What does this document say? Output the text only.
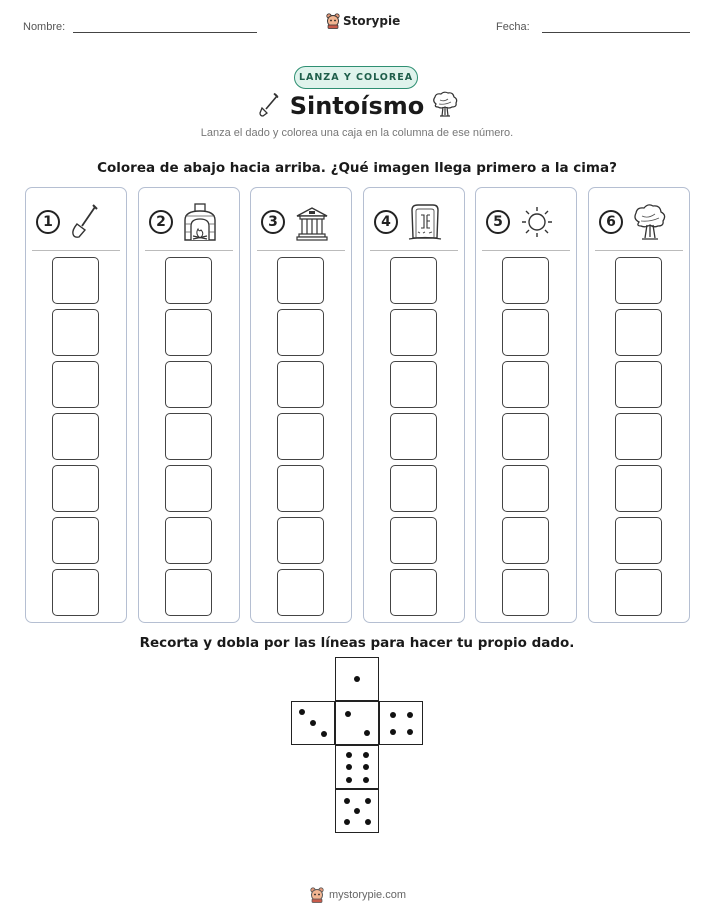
Nombre:	Storypie	Fecha:
LANZA Y COLOREA
Sintoísmo
Lanza el dado y colorea una caja en la columna de ese número.
Colorea de abajo hacia arriba. ¿Qué imagen llega primero a la cima?
1	2	3	4	5	6
Recorta y dobla por las líneas para hacer tu propio dado.
mystorypie.com
